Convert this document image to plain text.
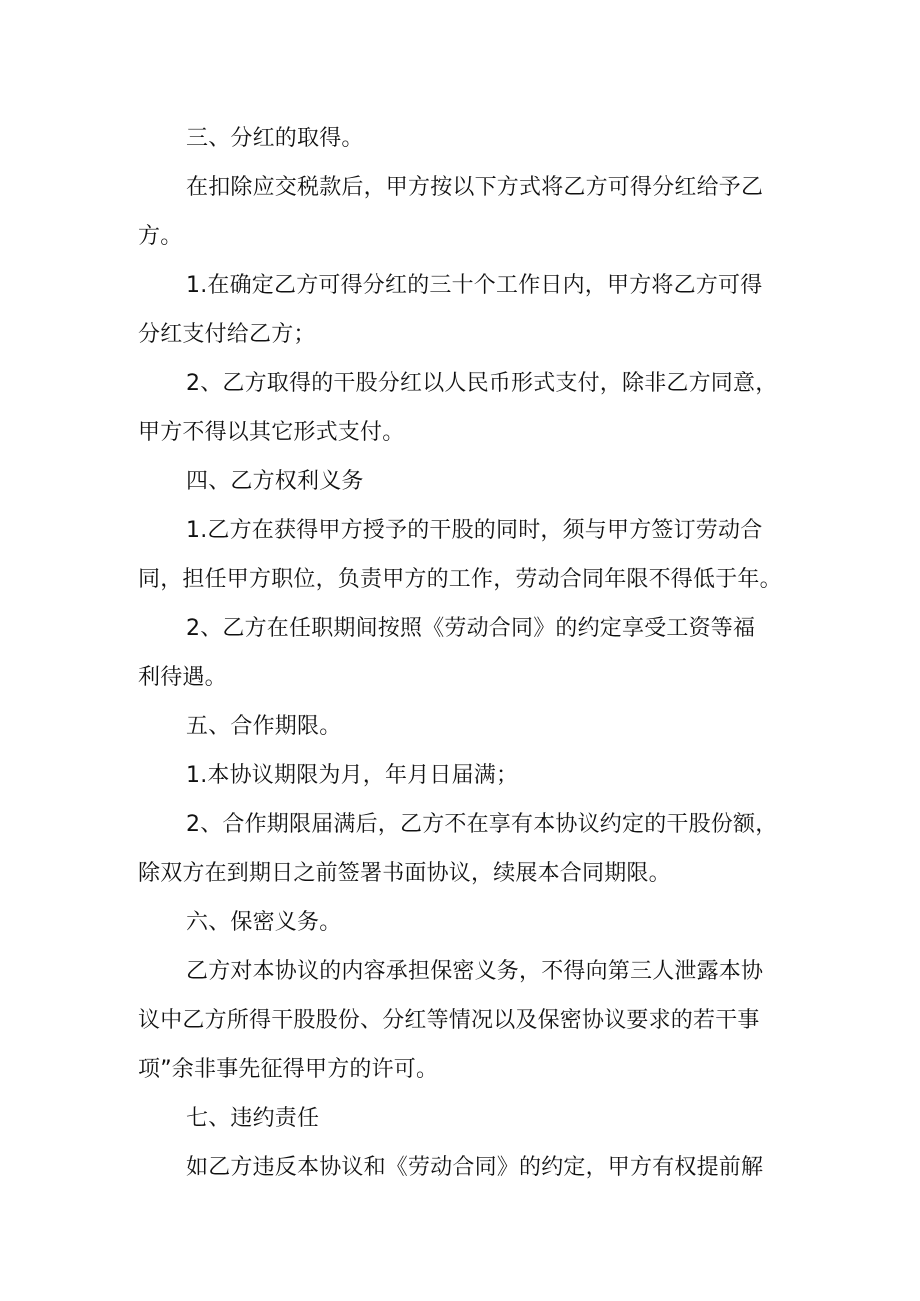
三、分红的取得。
在扣除应交税款后，甲方按以下方式将乙方可得分红给予乙
方。
1.在确定乙方可得分红的三十个工作日内，甲方将乙方可得
分红支付给乙方；
2、乙方取得的干股分红以人民币形式支付，除非乙方同意，
甲方不得以其它形式支付。
四、乙方权利义务
1.乙方在获得甲方授予的干股的同时，须与甲方签订劳动合
同，担任甲方职位，负责甲方的工作，劳动合同年限不得低于年。
2、乙方在任职期间按照《劳动合同》的约定享受工资等福
利待遇。
五、合作期限。
1.本协议期限为月，年月日届满；
2、合作期限届满后，乙方不在享有本协议约定的干股份额，
除双方在到期日之前签署书面协议，续展本合同期限。
六、保密义务。
乙方对本协议的内容承担保密义务，不得向第三人泄露本协
议中乙方所得干股股份、分红等情况以及保密协议要求的若干事
项”余非事先征得甲方的许可。
七、违约责任
如乙方违反本协议和《劳动合同》的约定，甲方有权提前解
